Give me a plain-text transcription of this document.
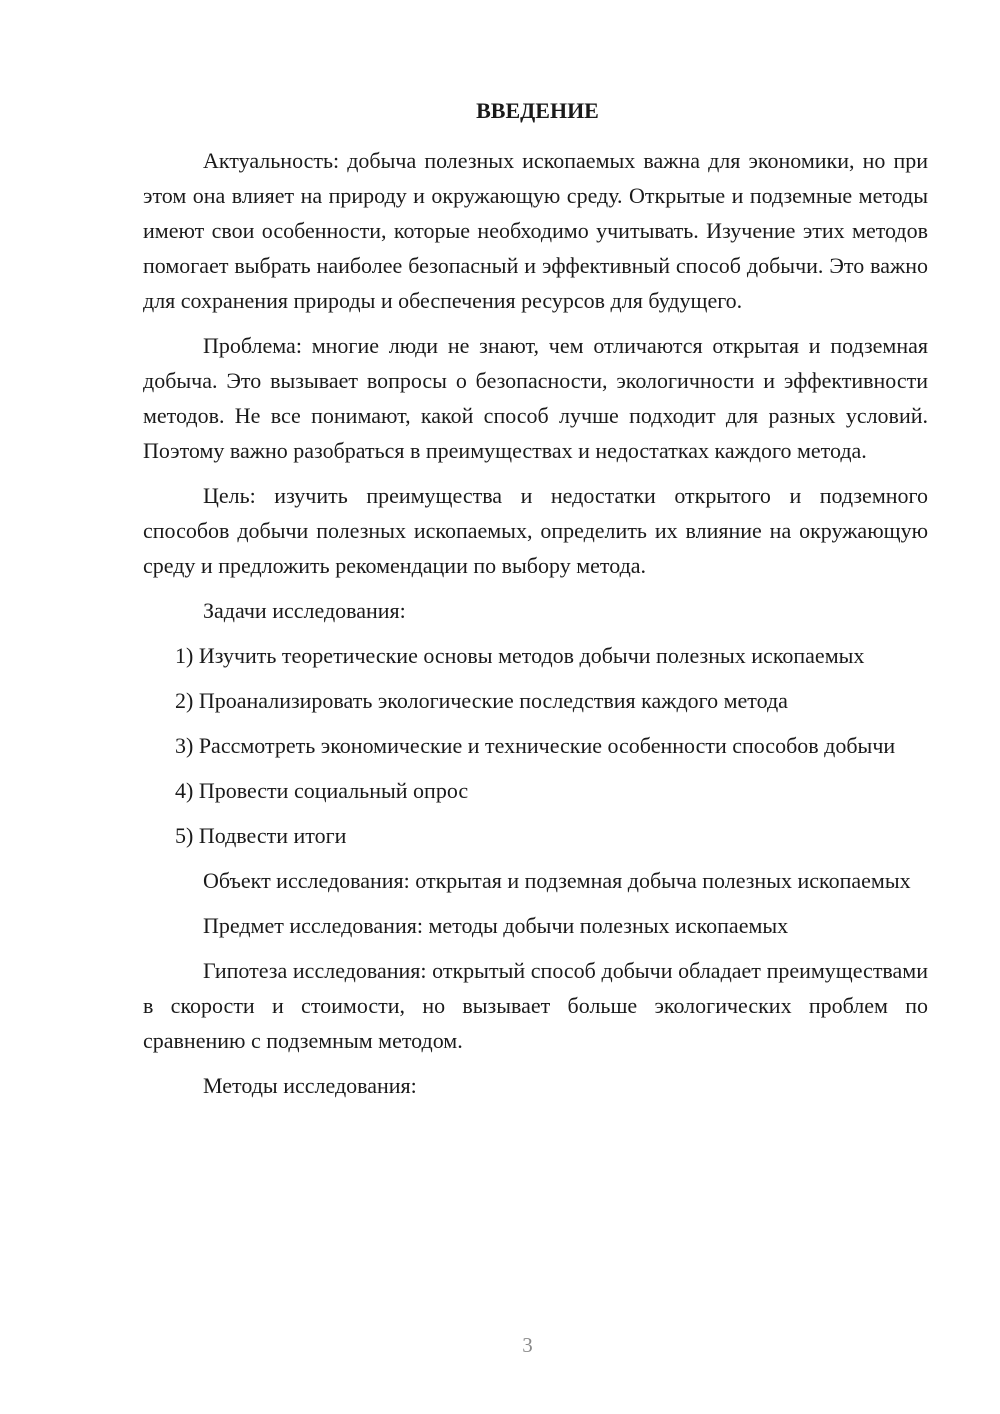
ВВЕДЕНИЕ

Актуальность: добыча полезных ископаемых важна для экономики, но при этом она влияет на природу и окружающую среду. Открытые и подземные методы имеют свои особенности, которые необходимо учитывать. Изучение этих методов помогает выбрать наиболее безопасный и эффективный способ добычи. Это важно для сохранения природы и обеспечения ресурсов для будущего.

Проблема: многие люди не знают, чем отличаются открытая и подземная добыча. Это вызывает вопросы о безопасности, экологичности и эффективности методов. Не все понимают, какой способ лучше подходит для разных условий. Поэтому важно разобраться в преимуществах и недостатках каждого метода.

Цель: изучить преимущества и недостатки открытого и подземного способов добычи полезных ископаемых, определить их влияние на окружающую среду и предложить рекомендации по выбору метода.

Задачи исследования:

1) Изучить теоретические основы методов добычи полезных ископаемых

2) Проанализировать экологические последствия каждого метода

3) Рассмотреть экономические и технические особенности способов добычи

4) Провести социальный опрос

5) Подвести итоги

Объект исследования: открытая и подземная добыча полезных ископаемых

Предмет исследования: методы добычи полезных ископаемых

Гипотеза исследования: открытый способ добычи обладает преимуществами в скорости и стоимости, но вызывает больше экологических проблем по сравнению с подземным методом.

Методы исследования:

3
